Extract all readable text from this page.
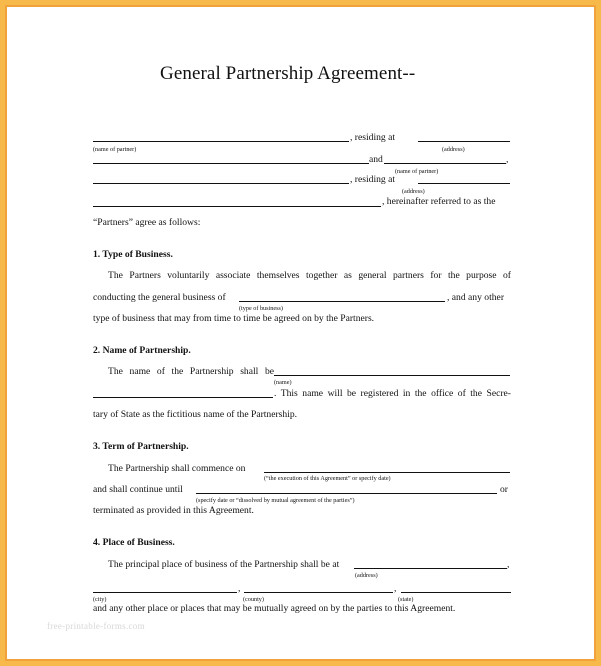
General Partnership Agreement--
, residing at
(name of partner)	(address)
and	,
(name of partner)
, residing at
(address)
, hereinafter referred to as the
“Partners” agree as follows:
1. Type of Business.
The Partners voluntarily associate themselves together as general partners for the purpose of
conducting the general business of	, and any other
(type of business)
type of business that may from time to time be agreed on by the Partners.
2. Name of Partnership.
The name of the Partnership shall be
(name)
. This name will be registered in the office of the Secre-
tary of State as the fictitious name of the Partnership.
3. Term of Partnership.
The Partnership shall commence on
(“the execution of this Agreement” or specify date)
and shall continue until	or
(specify date or “dissolved by mutual agreement of the parties”)
terminated as provided in this Agreement.
4. Place of Business.
The principal place of business of the Partnership shall be at	,
(address)
,	,
(city)	(county)	(state)
and any other place or places that may be mutually agreed on by the parties to this Agreement.
free-printable-forms.com
